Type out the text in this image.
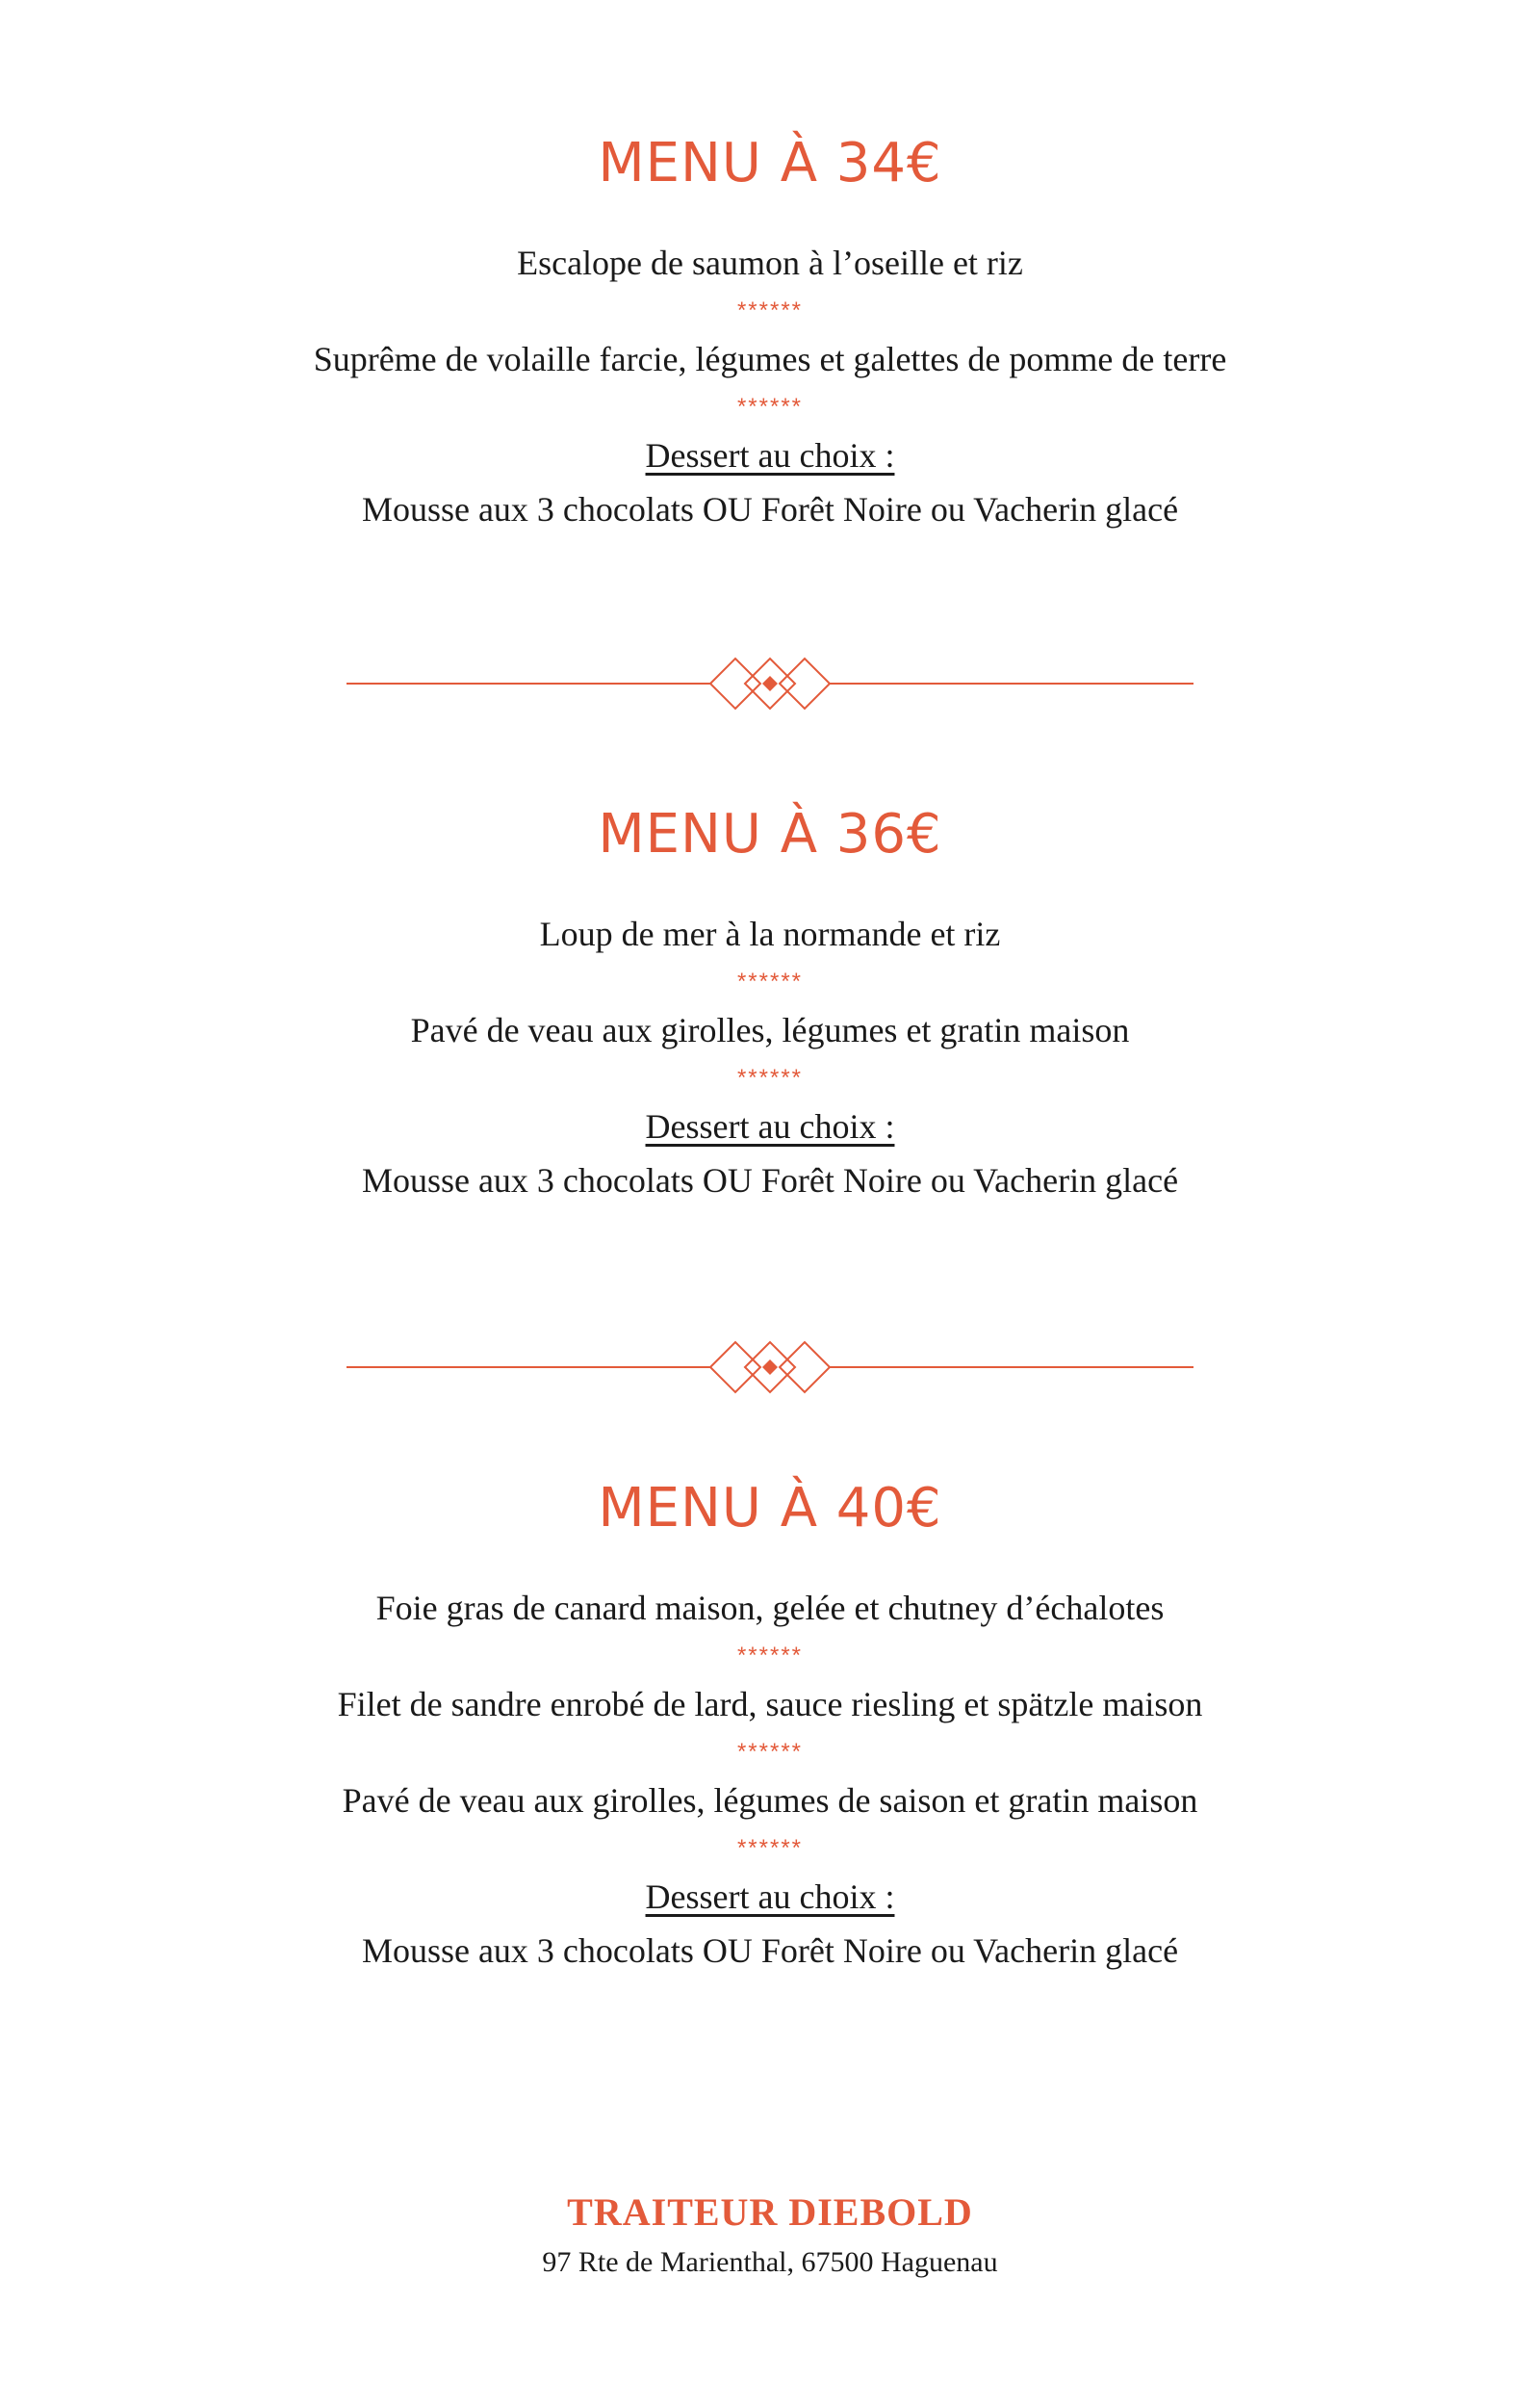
MENU À 34€
Escalope de saumon à l’oseille et riz
******
Suprême de volaille farcie, légumes et galettes de pomme de terre
******
Dessert au choix :
Mousse aux 3 chocolats OU Forêt Noire ou Vacherin glacé
MENU À 36€
Loup de mer à la normande et riz
******
Pavé de veau aux girolles, légumes et gratin maison
******
Dessert au choix :
Mousse aux 3 chocolats OU Forêt Noire ou Vacherin glacé
MENU À 40€
Foie gras de canard maison, gelée et chutney d’échalotes
******
Filet de sandre enrobé de lard, sauce riesling et spätzle maison
******
Pavé de veau aux girolles, légumes de saison et gratin maison
******
Dessert au choix :
Mousse aux 3 chocolats OU Forêt Noire ou Vacherin glacé
TRAITEUR DIEBOLD
97 Rte de Marienthal, 67500 Haguenau
